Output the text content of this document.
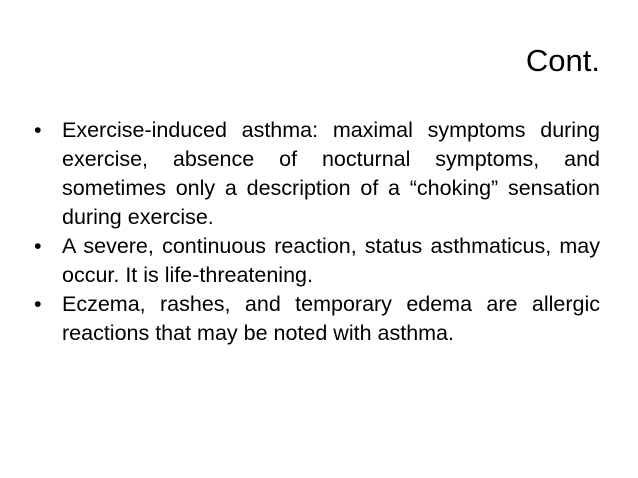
Cont.
• Exercise-induced asthma: maximal symptoms during exercise, absence of nocturnal symptoms, and sometimes only a description of a “choking” sensation during exercise.
• A severe, continuous reaction, status asthmaticus, may occur. It is life-threatening.
• Eczema, rashes, and temporary edema are allergic reactions that may be noted with asthma.
